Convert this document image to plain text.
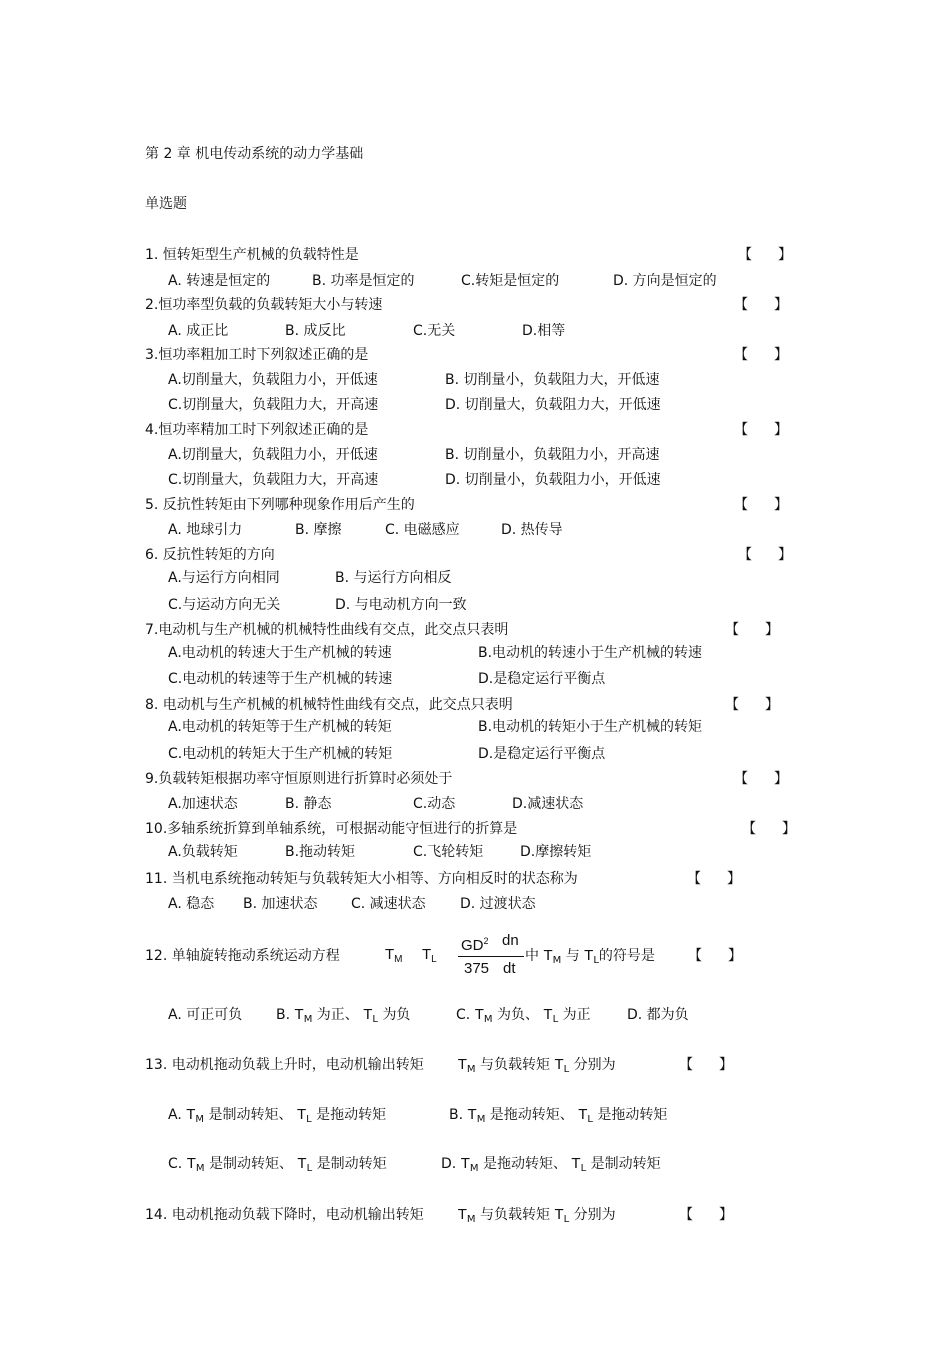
第 2 章 机电传动系统的动力学基础
单选题
1. 恒转矩型生产机械的负载特性是	【】
A. 转速是恒定的	B. 功率是恒定的	C.转矩是恒定的	D. 方向是恒定的
2.恒功率型负载的负载转矩大小与转速	【】
A. 成正比	B. 成反比	C.无关	D.相等
3.恒功率粗加工时下列叙述正确的是	【】
A.切削量大，负载阻力小，开低速	B. 切削量小，负载阻力大，开低速
C.切削量大，负载阻力大，开高速	D. 切削量大，负载阻力大，开低速
4.恒功率精加工时下列叙述正确的是	【】
A.切削量大，负载阻力小，开低速	B. 切削量小，负载阻力小，开高速
C.切削量大，负载阻力大，开高速	D. 切削量小，负载阻力小，开低速
5. 反抗性转矩由下列哪种现象作用后产生的	【】
A. 地球引力	B. 摩擦	C. 电磁感应	D. 热传导
6. 反抗性转矩的方向	【】
A.与运行方向相同	B. 与运行方向相反
C.与运动方向无关	D. 与电动机方向一致
7.电动机与生产机械的机械特性曲线有交点，此交点只表明	【】
A.电动机的转速大于生产机械的转速	B.电动机的转速小于生产机械的转速
C.电动机的转速等于生产机械的转速	D.是稳定运行平衡点
8. 电动机与生产机械的机械特性曲线有交点，此交点只表明	【】
A.电动机的转矩等于生产机械的转矩	B.电动机的转矩小于生产机械的转矩
C.电动机的转矩大于生产机械的转矩	D.是稳定运行平衡点
9.负载转矩根据功率守恒原则进行折算时必须处于	【】
A.加速状态	B. 静态	C.动态	D.减速状态
10.多轴系统折算到单轴系统，可根据动能守恒进行的折算是	【】
A.负载转矩	B.拖动转矩	C.飞轮转矩	D.摩擦转矩
11. 当机电系统拖动转矩与负载转矩大小相等、方向相反时的状态称为	【】
A. 稳态 B. 加速状态 C. 减速状态 D. 过渡状态
12. 单轴旋转拖动系统运动方程	$T_M$ $T_L$
$GD^2$
375
dn
dt
中 $T_M$ 与 $T_L$的符号是 【】
A. 可正可负 B. $T_M$ 为正、 $T_L$ 为负	C. $T_M$ 为负、 $T_L$ 为正	D. 都为负
13. 电动机拖动负载上升时，电动机输出转矩 $T_M$ 与负载转矩 $T_L$ 分别为	【】
A. $T_M$ 是制动转矩、 $T_L$ 是拖动转矩	B. $T_M$ 是拖动转矩、 $T_L$ 是拖动转矩
C. $T_M$ 是制动转矩、 $T_L$ 是制动转矩	D. $T_M$ 是拖动转矩、 $T_L$ 是制动转矩
14. 电动机拖动负载下降时，电动机输出转矩 $T_M$ 与负载转矩 $T_L$ 分别为	【】
